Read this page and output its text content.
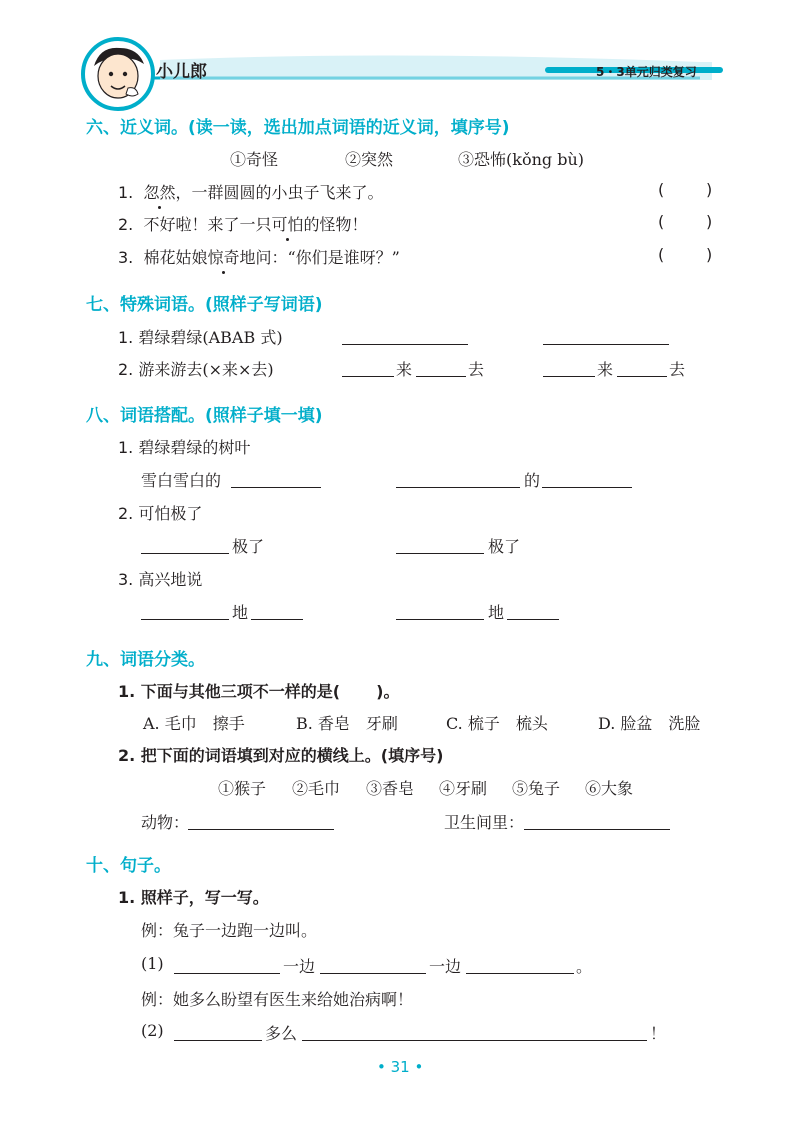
小儿郎	5・3单元归类复习
六、近义词。(读一读，选出加点词语的近义词，填序号)
①奇怪	②突然	③恐怖(kǒng bù)
1. 忽然，一群圆圆的小虫子飞来了。	(	)
2. 不好啦！来了一只可怕的怪物！	(	)
3. 棉花姑娘惊奇地问：“你们是谁呀？”	(	)
七、特殊词语。(照样子写词语)
1. 碧绿碧绿(ABAB 式)
2. 游来游去(×来×去)	来	去	来	去
八、词语搭配。(照样子填一填)
1. 碧绿碧绿的树叶
雪白雪白的	的
2. 可怕极了
极了	极了
3. 高兴地说
地	地
九、词语分类。
1. 下面与其他三项不一样的是( )。
A. 毛巾　擦手	B. 香皂　牙刷	C. 梳子　梳头	D. 脸盆　洗脸
2. 把下面的词语填到对应的横线上。(填序号)
①猴子 ②毛巾 ③香皂 ④牙刷 ⑤兔子 ⑥大象
动物：	卫生间里：
十、句子。
1. 照样子，写一写。
例：兔子一边跑一边叫。
(1)	一边	一边	。
例：她多么盼望有医生来给她治病啊！
(2)	多么	！
• 31 •
